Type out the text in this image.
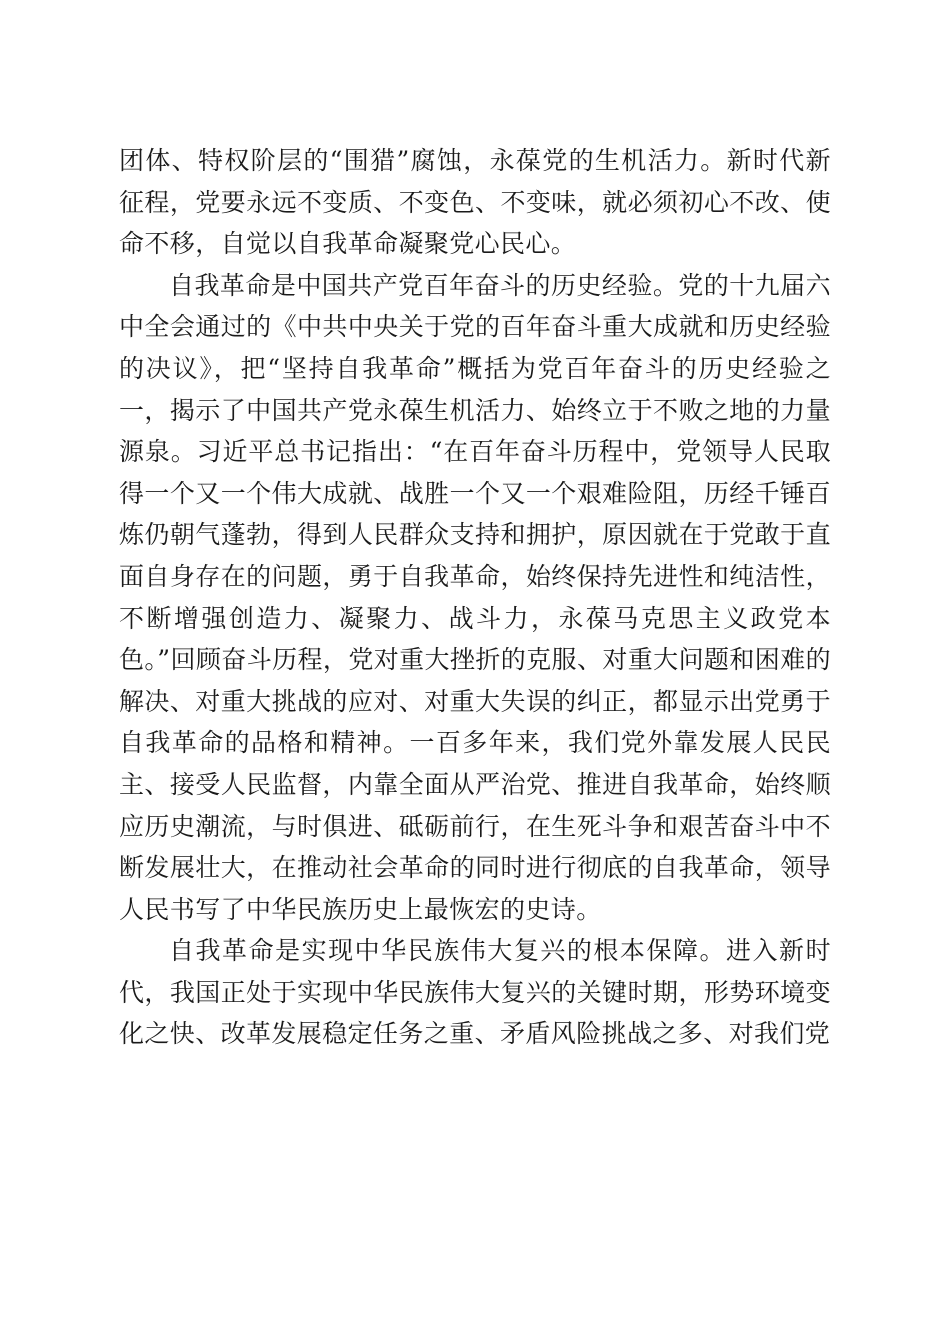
团体、特权阶层的“围猎”腐蚀，永葆党的生机活力。新时代新征程，党要永远不变质、不变色、不变味，就必须初心不改、使命不移，自觉以自我革命凝聚党心民心。

自我革命是中国共产党百年奋斗的历史经验。党的十九届六中全会通过的《中共中央关于党的百年奋斗重大成就和历史经验的决议》，把“坚持自我革命”概括为党百年奋斗的历史经验之一，揭示了中国共产党永葆生机活力、始终立于不败之地的力量源泉。习近平总书记指出：“在百年奋斗历程中，党领导人民取得一个又一个伟大成就、战胜一个又一个艰难险阻，历经千锤百炼仍朝气蓬勃，得到人民群众支持和拥护，原因就在于党敢于直面自身存在的问题，勇于自我革命，始终保持先进性和纯洁性，不断增强创造力、凝聚力、战斗力，永葆马克思主义政党本色。”回顾奋斗历程，党对重大挫折的克服、对重大问题和困难的解决、对重大挑战的应对、对重大失误的纠正，都显示出党勇于自我革命的品格和精神。一百多年来，我们党外靠发展人民民主、接受人民监督，内靠全面从严治党、推进自我革命，始终顺应历史潮流，与时俱进、砥砺前行，在生死斗争和艰苦奋斗中不断发展壮大，在推动社会革命的同时进行彻底的自我革命，领导人民书写了中华民族历史上最恢宏的史诗。

自我革命是实现中华民族伟大复兴的根本保障。进入新时代，我国正处于实现中华民族伟大复兴的关键时期，形势环境变化之快、改革发展稳定任务之重、矛盾风险挑战之多、对我们党
